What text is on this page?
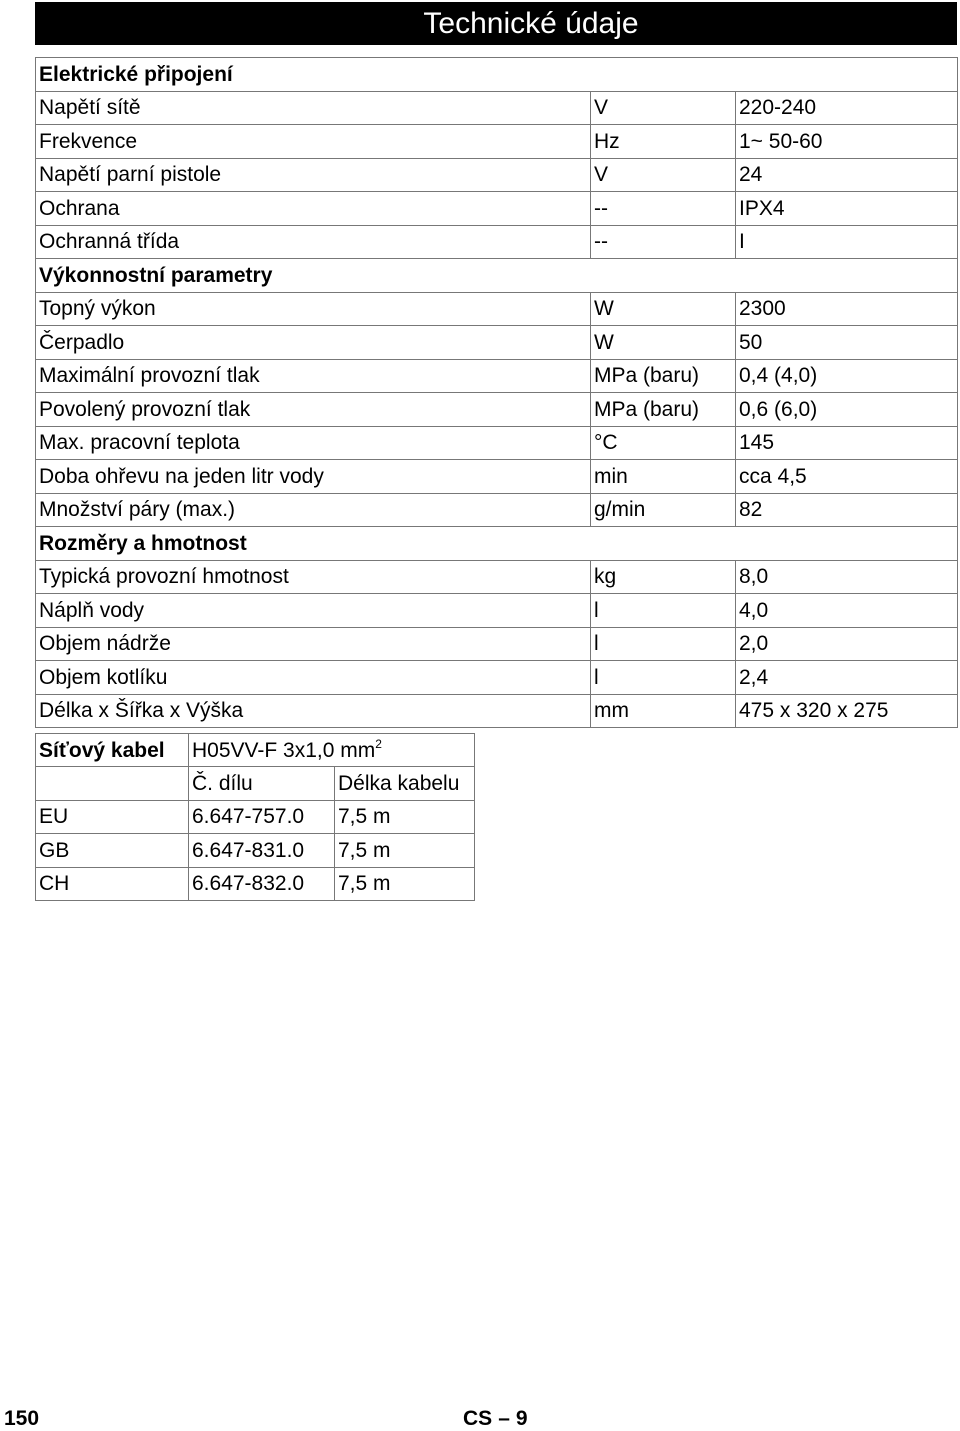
Technické údaje
Elektrické připojení		
Napětí sítě	V	220-240
Frekvence	Hz	1~ 50-60
Napětí parní pistole	V	24
Ochrana	--	IPX4
Ochranná třída	--	I
Výkonnostní parametry		
Topný výkon	W	2300
Čerpadlo	W	50
Maximální provozní tlak	MPa (baru)	0,4 (4,0)
Povolený provozní tlak	MPa (baru)	0,6 (6,0)
Max. pracovní teplota	°C	145
Doba ohřevu na jeden litr vody	min	cca 4,5
Množství páry (max.)	g/min	82
Rozměry a hmotnost		
Typická provozní hmotnost	kg	8,0
Náplň vody	l	4,0
Objem nádrže	l	2,0
Objem kotlíku	l	2,4
Délka x Šířka x Výška	mm	475 x 320 x 275
Síťový kabel	H05VV-F 3x1,0 $mm^2$
	Č. dílu	Délka kabelu
EU	6.647-757.0	7,5 m
GB	6.647-831.0	7,5 m
CH	6.647-832.0	7,5 m
150	CS – 9
